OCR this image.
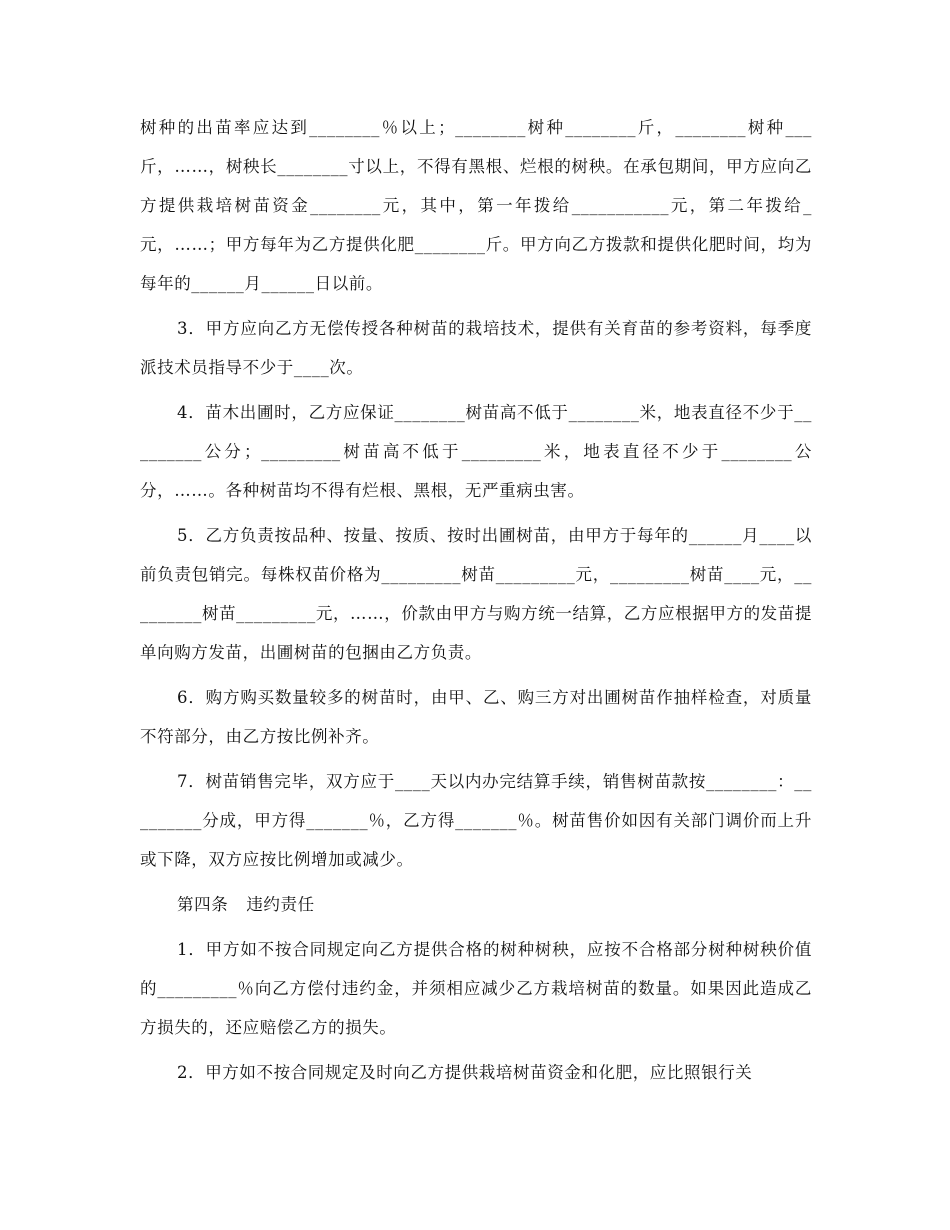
树种的出苗率应达到________％以上；________树种________斤，________树种___斤，……，树秧长________寸以上，不得有黑根、烂根的树秧。在承包期间，甲方应向乙方提供栽培树苗资金________元，其中，第一年拨给___________元，第二年拨给_元，……；甲方每年为乙方提供化肥________斤。甲方向乙方拨款和提供化肥时间，均为每年的______月______日以前。

3．甲方应向乙方无偿传授各种树苗的栽培技术，提供有关育苗的参考资料，每季度派技术员指导不少于____次。

4．苗木出圃时，乙方应保证________树苗高不低于________米，地表直径不少于_________公分；_________树苗高不低于_________米，地表直径不少于________公分，……。各种树苗均不得有烂根、黑根，无严重病虫害。

5．乙方负责按品种、按量、按质、按时出圃树苗，由甲方于每年的______月____以前负责包销完。每株权苗价格为_________树苗_________元，_________树苗____元，_________树苗_________元，……，价款由甲方与购方统一结算，乙方应根据甲方的发苗提单向购方发苗，出圃树苗的包捆由乙方负责。

6．购方购买数量较多的树苗时，由甲、乙、购三方对出圃树苗作抽样检查，对质量不符部分，由乙方按比例补齐。

7．树苗销售完毕，双方应于____天以内办完结算手续，销售树苗款按________：_________分成，甲方得_______％，乙方得_______％。树苗售价如因有关部门调价而上升或下降，双方应按比例增加或减少。

第四条 违约责任

1．甲方如不按合同规定向乙方提供合格的树种树秧，应按不合格部分树种树秧价值的_________％向乙方偿付违约金，并须相应减少乙方栽培树苗的数量。如果因此造成乙方损失的，还应赔偿乙方的损失。

2．甲方如不按合同规定及时向乙方提供栽培树苗资金和化肥，应比照银行关
